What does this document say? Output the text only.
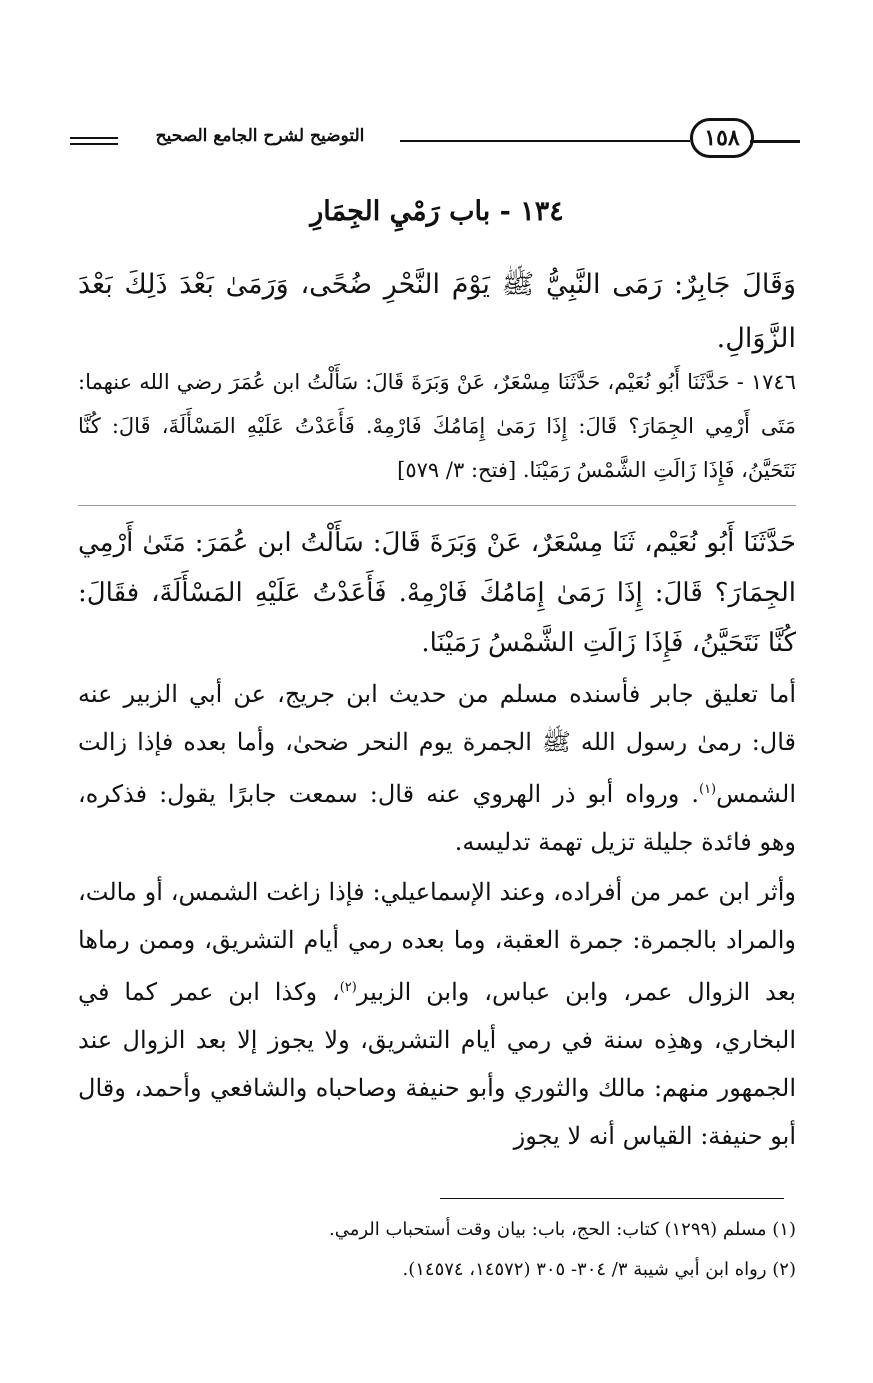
التوضيح لشرح الجامع الصحيح	١٥٨
١٣٤ - باب رَمْيِ الجِمَارِ
وَقَالَ جَابِرٌ: رَمَى النَّبِيُّ ﷺ يَوْمَ النَّحْرِ ضُحًى، وَرَمَىٰ بَعْدَ ذَلِكَ بَعْدَ الزَّوَالِ.
١٧٤٦ - حَدَّثَنَا أَبُو نُعَيْم، حَدَّثَنَا مِسْعَرٌ، عَنْ وَبَرَةَ قَالَ: سَأَلْتُ ابن عُمَرَ رضي الله عنهما: مَتَى أَرْمِي الجِمَارَ؟ قَالَ: إِذَا رَمَىٰ إِمَامُكَ فَارْمِهْ. فَأَعَدْتُ عَلَيْهِ المَسْأَلَةَ، قَالَ: كُنَّا نَتَحَيَّنُ، فَإِذَا زَالَتِ الشَّمْسُ رَمَيْنَا. [فتح: ٣/ ٥٧٩]
حَدَّثَنَا أَبُو نُعَيْم، ثَنَا مِسْعَرٌ، عَنْ وَبَرَةَ قَالَ: سَأَلْتُ ابن عُمَرَ: مَتَىٰ أَرْمِي الجِمَارَ؟ قَالَ: إِذَا رَمَىٰ إِمَامُكَ فَارْمِهْ. فَأَعَدْتُ عَلَيْهِ المَسْأَلَةَ، فقَالَ: كُنَّا نَتَحَيَّنُ، فَإِذَا زَالَتِ الشَّمْسُ رَمَيْنَا.
أما تعليق جابر فأسنده مسلم من حديث ابن جريج، عن أبي الزبير عنه قال: رمىٰ رسول الله ﷺ الجمرة يوم النحر ضحىٰ، وأما بعده فإذا زالت الشمس$^{(١)}$. ورواه أبو ذر الهروي عنه قال: سمعت جابرًا يقول: فذكره، وهو فائدة جليلة تزيل تهمة تدليسه.
وأثر ابن عمر من أفراده، وعند الإسماعيلي: فإذا زاغت الشمس، أو مالت، والمراد بالجمرة: جمرة العقبة، وما بعده رمي أيام التشريق، وممن رماها بعد الزوال عمر، وابن عباس، وابن الزبير$^{(٢)}$، وكذا ابن عمر كما في البخاري، وهذِه سنة في رمي أيام التشريق، ولا يجوز إلا بعد الزوال عند الجمهور منهم: مالك والثوري وأبو حنيفة وصاحباه والشافعي وأحمد، وقال أبو حنيفة: القياس أنه لا يجوز
(١) مسلم (١٢٩٩) كتاب: الحج، باب: بيان وقت أستحباب الرمي.
(٢) رواه ابن أبي شيبة ٣/ ٣٠٤- ٣٠٥ (١٤٥٧٢، ١٤٥٧٤).
